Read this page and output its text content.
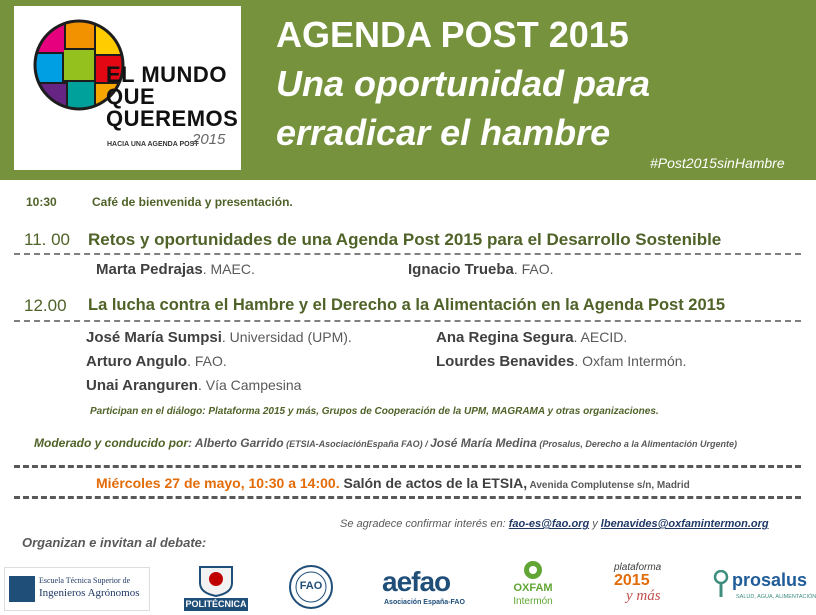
EL MUNDO
QUE
QUEREMOS
HACIA UNA AGENDA POST
2015
AGENDA POST 2015
Una oportunidad para
erradicar el hambre
#Post2015sinHambre
10:30	Café de bienvenida y presentación.
11. 00 Retos y oportunidades de una Agenda Post 2015 para el Desarrollo Sostenible
Marta Pedrajas. MAEC.	Ignacio Trueba. FAO.
12.00 La lucha contra el Hambre y el Derecho a la Alimentación en la Agenda Post 2015
José María Sumpsi. Universidad (UPM).	Ana Regina Segura. AECID.
Arturo Angulo. FAO.	Lourdes Benavides. Oxfam Intermón.
Unai Aranguren. Vía Campesina
Participan en el diálogo: Plataforma 2015 y más, Grupos de Cooperación de la UPM, MAGRAMA y otras organizaciones.
Moderado y conducido por: Alberto Garrido (ETSIA-AsociaciónEspaña FAO) / José María Medina (Prosalus, Derecho a la Alimentación Urgente)
Miércoles 27 de mayo, 10:30 a 14:00. Salón de actos de la ETSIA, Avenida Complutense s/n, Madrid
Se agradece confirmar interés en: fao-es@fao.org y lbenavides@oxfamintermon.org
Organizan e invitan al debate:
Escuela Técnica Superior de
Ingenieros Agrónomos
POLITÉCNICA
FAO	aefao
Asociación España-FAO
OXFAM
Intermón
plataforma
2015
y más
prosalus
SALUD, AGUA, ALIMENTACIÓN
